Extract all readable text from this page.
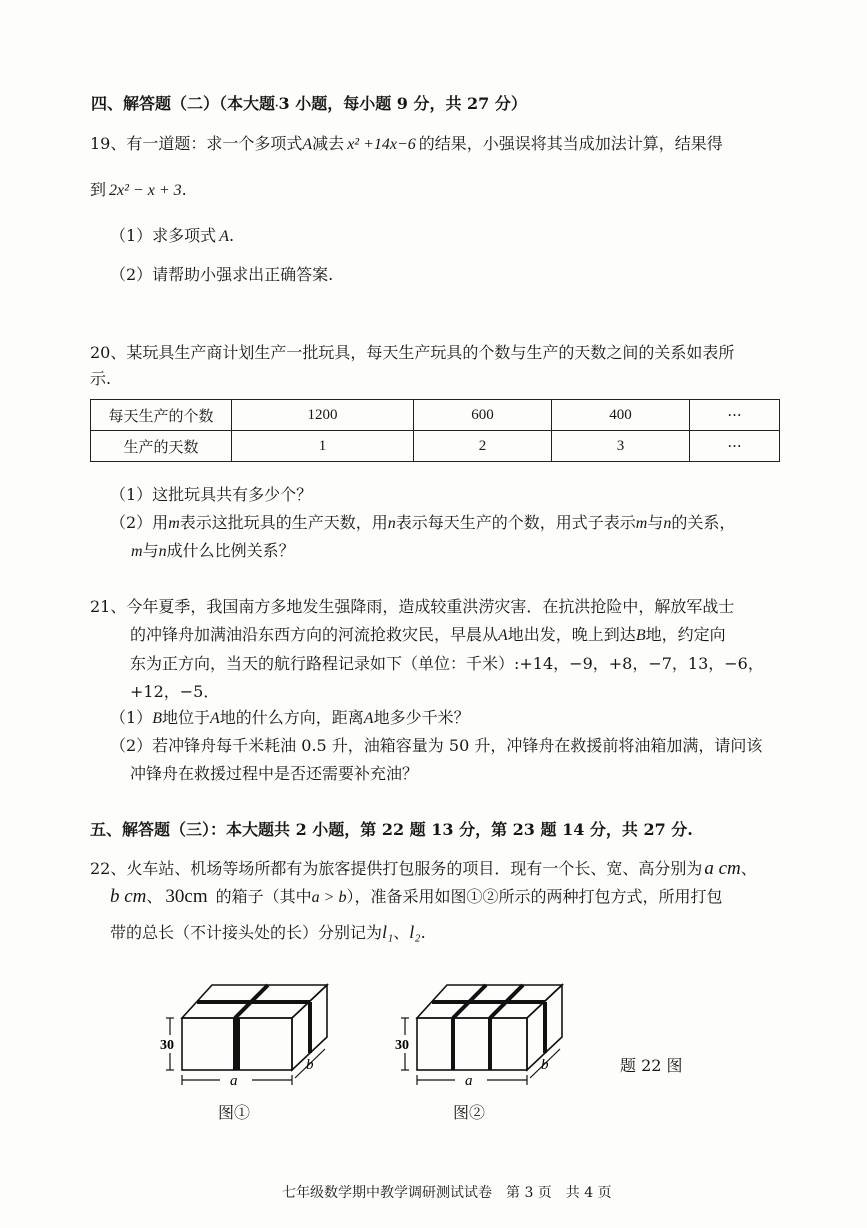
四、解答题（二）（本大题·3 小题，每小题 9 分，共 27 分）
19、有一道题：求一个多项式A减去 x² +14x−6 的结果，小强误将其当成加法计算，结果得
到 2x² − x + 3.
（1）求多项式 A.
（2）请帮助小强求出正确答案.
20、某玩具生产商计划生产一批玩具，每天生产玩具的个数与生产的天数之间的关系如表所
示.
每天生产的个数	1200	600	400	···
生产的天数	1	2	3	···
（1）这批玩具共有多少个？
（2）用m表示这批玩具的生产天数，用n表示每天生产的个数，用式子表示m与n的关系，
m与n成什么比例关系？
21、今年夏季，我国南方多地发生强降雨，造成较重洪涝灾害．在抗洪抢险中，解放军战士
的冲锋舟加满油沿东西方向的河流抢救灾民，早晨从A地出发，晚上到达B地，约定向
东为正方向，当天的航行路程记录如下（单位：千米）:+14，−9，+8，−7，13，−6，
+12，−5．
（1）B地位于A地的什么方向，距离A地多少千米？
（2）若冲锋舟每千米耗油 0.5 升，油箱容量为 50 升，冲锋舟在救援前将油箱加满，请问该
冲锋舟在救援过程中是否还需要补充油？
五、解答题（三）：本大题共 2 小题，第 22 题 13 分，第 23 题 14 分，共 27 分.
22、火车站、机场等场所都有为旅客提供打包服务的项目．现有一个长、宽、高分别为 a cm、
b cm、 30cm 的箱子（其中a > b），准备采用如图①②所示的两种打包方式，所用打包
带的总长（不计接头处的长）分别记为l₁、l₂.
30
a
b
图①
30
a
b
图②
题 22 图
七年级数学期中教学调研测试试卷　第 3 页　共 4 页
